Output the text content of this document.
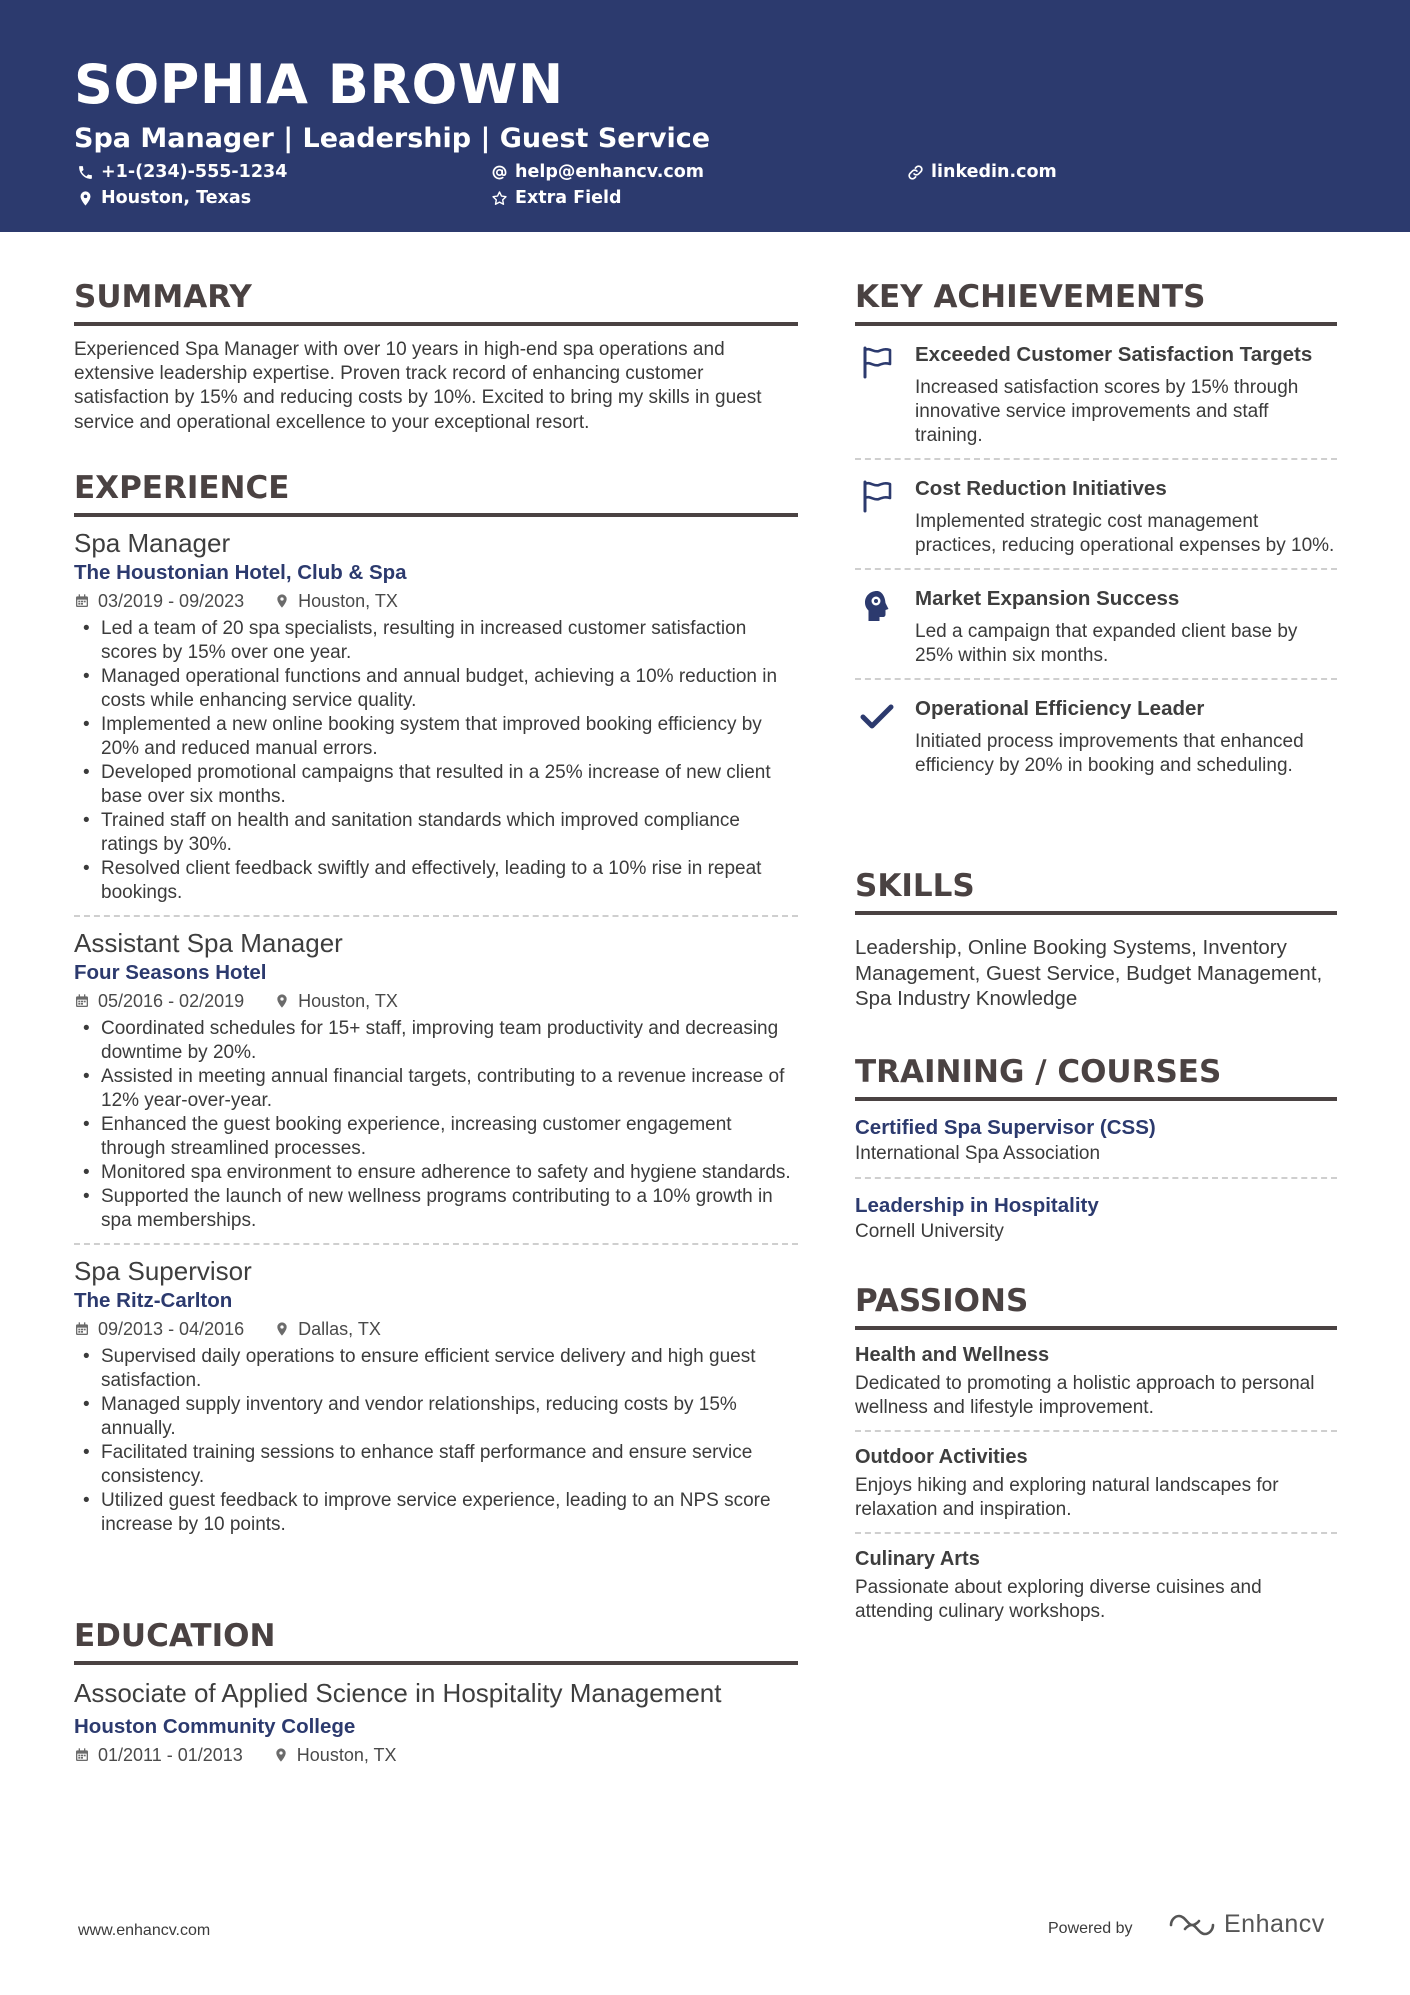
SOPHIA BROWN
Spa Manager | Leadership | Guest Service
+1-(234)-555-1234	help@enhancv.com	linkedin.com
Houston, Texas	Extra Field
SUMMARY
Experienced Spa Manager with over 10 years in high-end spa operations and extensive leadership expertise. Proven track record of enhancing customer satisfaction by 15% and reducing costs by 10%. Excited to bring my skills in guest service and operational excellence to your exceptional resort.
EXPERIENCE
Spa Manager
The Houstonian Hotel, Club & Spa
03/2019 - 09/2023	Houston, TX
• Led a team of 20 spa specialists, resulting in increased customer satisfaction scores by 15% over one year.
• Managed operational functions and annual budget, achieving a 10% reduction in costs while enhancing service quality.
• Implemented a new online booking system that improved booking efficiency by 20% and reduced manual errors.
• Developed promotional campaigns that resulted in a 25% increase of new client base over six months.
• Trained staff on health and sanitation standards which improved compliance ratings by 30%.
• Resolved client feedback swiftly and effectively, leading to a 10% rise in repeat bookings.
Assistant Spa Manager
Four Seasons Hotel
05/2016 - 02/2019	Houston, TX
• Coordinated schedules for 15+ staff, improving team productivity and decreasing downtime by 20%.
• Assisted in meeting annual financial targets, contributing to a revenue increase of 12% year-over-year.
• Enhanced the guest booking experience, increasing customer engagement through streamlined processes.
• Monitored spa environment to ensure adherence to safety and hygiene standards.
• Supported the launch of new wellness programs contributing to a 10% growth in spa memberships.
Spa Supervisor
The Ritz-Carlton
09/2013 - 04/2016	Dallas, TX
• Supervised daily operations to ensure efficient service delivery and high guest satisfaction.
• Managed supply inventory and vendor relationships, reducing costs by 15% annually.
• Facilitated training sessions to enhance staff performance and ensure service consistency.
• Utilized guest feedback to improve service experience, leading to an NPS score increase by 10 points.
EDUCATION
Associate of Applied Science in Hospitality Management
Houston Community College
01/2011 - 01/2013	Houston, TX
KEY ACHIEVEMENTS
Exceeded Customer Satisfaction Targets
Increased satisfaction scores by 15% through innovative service improvements and staff training.
Cost Reduction Initiatives
Implemented strategic cost management practices, reducing operational expenses by 10%.
Market Expansion Success
Led a campaign that expanded client base by 25% within six months.
Operational Efficiency Leader
Initiated process improvements that enhanced efficiency by 20% in booking and scheduling.
SKILLS
Leadership, Online Booking Systems, Inventory Management, Guest Service, Budget Management, Spa Industry Knowledge
TRAINING / COURSES
Certified Spa Supervisor (CSS)
International Spa Association
Leadership in Hospitality
Cornell University
PASSIONS
Health and Wellness
Dedicated to promoting a holistic approach to personal wellness and lifestyle improvement.
Outdoor Activities
Enjoys hiking and exploring natural landscapes for relaxation and inspiration.
Culinary Arts
Passionate about exploring diverse cuisines and attending culinary workshops.
www.enhancv.com	Powered by	Enhancv
